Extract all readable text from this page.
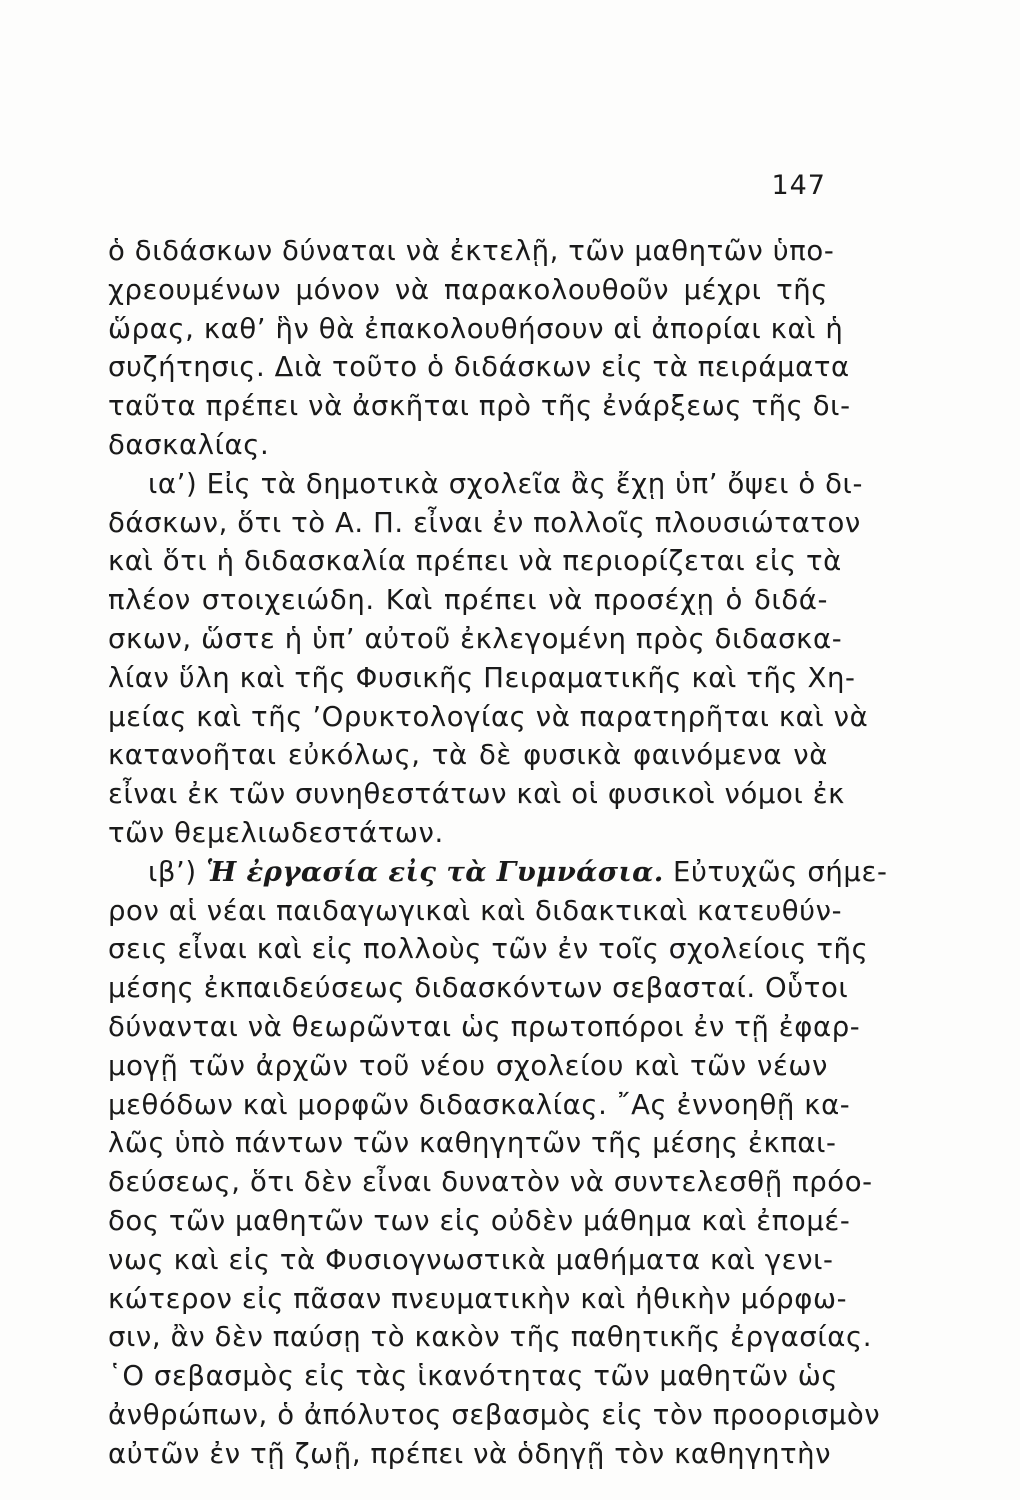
147
ὁ διδάσκων δύναται νὰ ἐκτελῇ, τῶν μαθητῶν ὑπο-
χρεουμένων μόνον νὰ παρακολουθοῦν μέχρι τῆς
ὥρας, καθ’ ἣν θὰ ἐπακολουθήσουν αἱ ἀπορίαι καὶ ἡ
συζήτησις. Διὰ τοῦτο ὁ διδάσκων εἰς τὰ πειράματα
ταῦτα πρέπει νὰ ἀσκῆται πρὸ τῆς ἐνάρξεως τῆς δι-
δασκαλίας.
ια’) Εἰς τὰ δημοτικὰ σχολεῖα ἂς ἔχῃ ὑπ’ ὄψει ὁ δι-
δάσκων, ὅτι τὸ Α. Π. εἶναι ἐν πολλοῖς πλουσιώτατον
καὶ ὅτι ἡ διδασκαλία πρέπει νὰ περιορίζεται εἰς τὰ
πλέον στοιχειώδη. Καὶ πρέπει νὰ προσέχῃ ὁ διδά-
σκων, ὥστε ἡ ὑπ’ αὐτοῦ ἐκλεγομένη πρὸς διδασκα-
λίαν ὕλη καὶ τῆς Φυσικῆς Πειραματικῆς καὶ τῆς Χη-
μείας καὶ τῆς ’Ορυκτολογίας νὰ παρατηρῆται καὶ νὰ
κατανοῆται εὐκόλως, τὰ δὲ φυσικὰ φαινόμενα νὰ
εἶναι ἐκ τῶν συνηθεστάτων καὶ οἱ φυσικοὶ νόμοι ἐκ
τῶν θεμελιωδεστάτων.
ιβ’) Ἡ ἐργασία εἰς τὰ Γυμνάσια. Εὐτυχῶς σήμε-
ρον αἱ νέαι παιδαγωγικαὶ καὶ διδακτικαὶ κατευθύν-
σεις εἶναι καὶ εἰς πολλοὺς τῶν ἐν τοῖς σχολείοις τῆς
μέσης ἐκπαιδεύσεως διδασκόντων σεβασταί. Οὗτοι
δύνανται νὰ θεωρῶνται ὡς πρωτοπόροι ἐν τῇ ἐφαρ-
μογῇ τῶν ἀρχῶν τοῦ νέου σχολείου καὶ τῶν νέων
μεθόδων καὶ μορφῶν διδασκαλίας. ῎Ας ἐννοηθῇ κα-
λῶς ὑπὸ πάντων τῶν καθηγητῶν τῆς μέσης ἐκπαι-
δεύσεως, ὅτι δὲν εἶναι δυνατὸν νὰ συντελεσθῇ πρόο-
δος τῶν μαθητῶν των εἰς οὐδὲν μάθημα καὶ ἐπομέ-
νως καὶ εἰς τὰ Φυσιογνωστικὰ μαθήματα καὶ γενι-
κώτερον εἰς πᾶσαν πνευματικὴν καὶ ἠθικὴν μόρφω-
σιν, ἂν δὲν παύσῃ τὸ κακὸν τῆς παθητικῆς ἐργασίας.
῾Ο σεβασμὸς εἰς τὰς ἱκανότητας τῶν μαθητῶν ὡς
ἀνθρώπων, ὁ ἀπόλυτος σεβασμὸς εἰς τὸν προορισμὸν
αὐτῶν ἐν τῇ ζωῇ, πρέπει νὰ ὁδηγῇ τὸν καθηγητὴν
